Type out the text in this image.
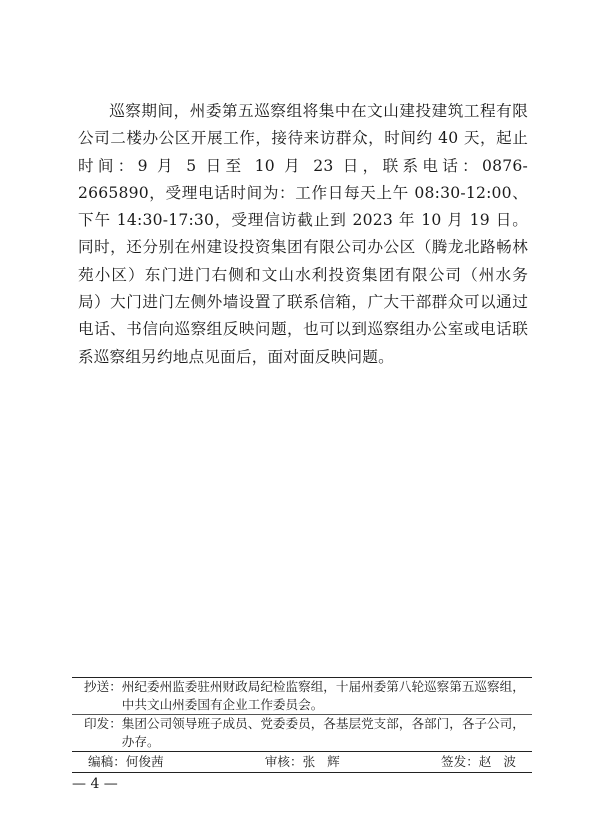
巡察期间，州委第五巡察组将集中在文山建投建筑工程有限公司二楼办公区开展工作，接待来访群众，时间约 40 天，起止时间：9 月 5 日至 10 月 23 日，联系电话：0876-2665890，受理电话时间为：工作日每天上午 08:30-12:00、下午 14:30-17:30，受理信访截止到 2023 年 10 月 19 日。同时，还分别在州建设投资集团有限公司办公区（腾龙北路畅林苑小区）东门进门右侧和文山水利投资集团有限公司（州水务局）大门进门左侧外墙设置了联系信箱，广大干部群众可以通过电话、书信向巡察组反映问题，也可以到巡察组办公室或电话联系巡察组另约地点见面后，面对面反映问题。

抄送： 州纪委州监委驻州财政局纪检监察组，十届州委第八轮巡察第五巡察组，中共文山州委国有企业工作委员会。
印发： 集团公司领导班子成员、党委委员，各基层党支部，各部门，各子公司，办存。
编稿：何俊茜	审核：张   辉	签发：赵   波
— 4 —
